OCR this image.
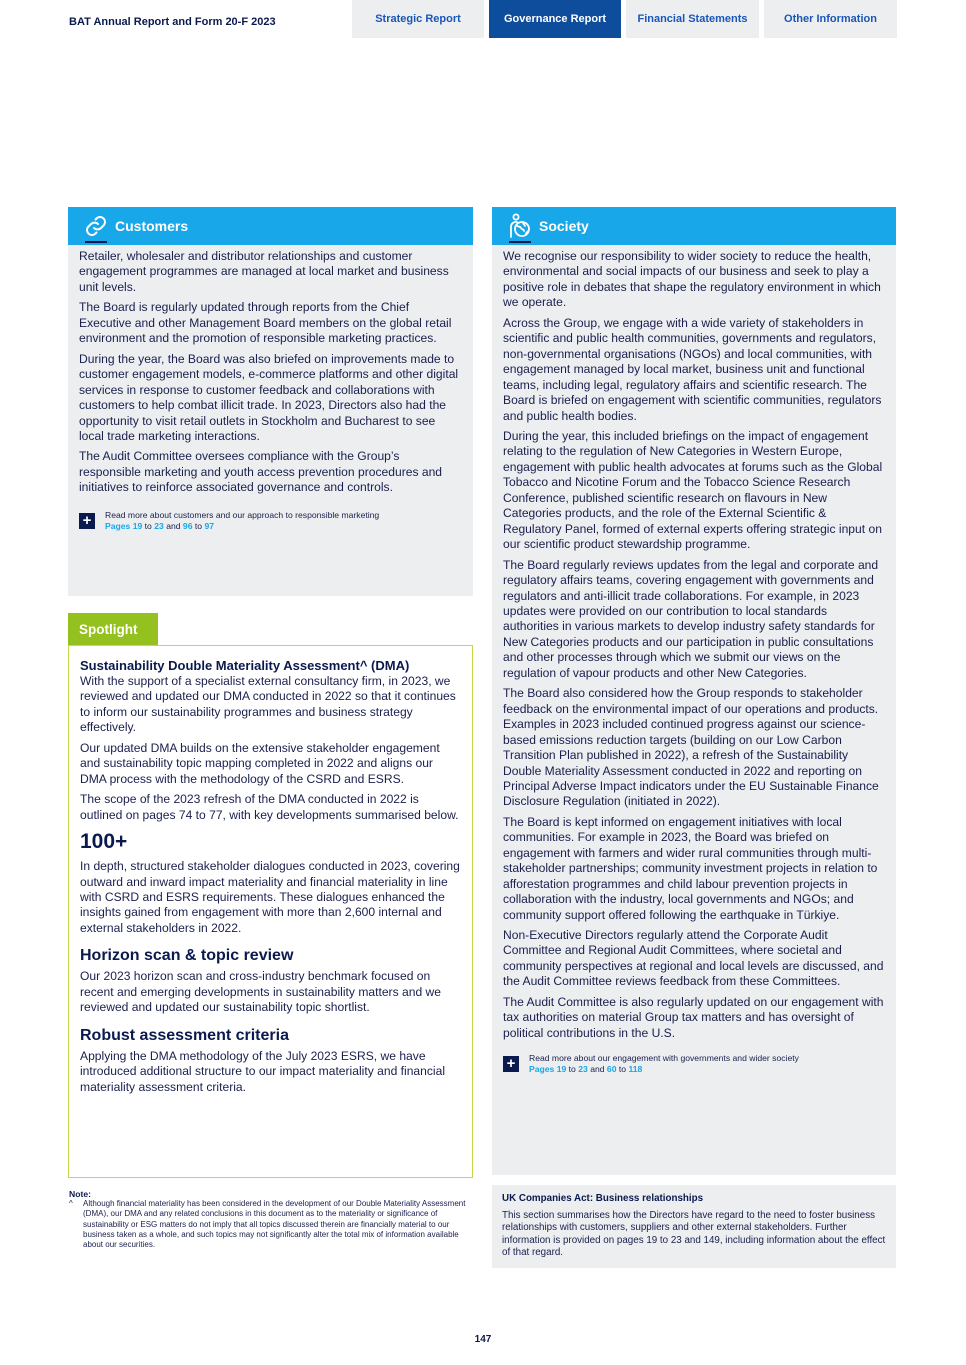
BAT Annual Report and Form 20-F 2023	Strategic Report	Governance Report	Financial Statements	Other Information
Customers

Retailer, wholesaler and distributor relationships and customer engagement programmes are managed at local market and business unit levels.

The Board is regularly updated through reports from the Chief Executive and other Management Board members on the global retail environment and the promotion of responsible marketing practices.

During the year, the Board was also briefed on improvements made to customer engagement models, e-commerce platforms and other digital services in response to customer feedback and collaborations with customers to help combat illicit trade. In 2023, Directors also had the opportunity to visit retail outlets in Stockholm and Bucharest to see local trade marketing interactions.

The Audit Committee oversees compliance with the Group’s responsible marketing and youth access prevention procedures and initiatives to reinforce associated governance and controls.

+	Read more about customers and our approach to responsible marketing
Pages 19 to 23 and 96 to 97
Spotlight
Sustainability Double Materiality Assessment^ (DMA)

With the support of a specialist external consultancy firm, in 2023, we reviewed and updated our DMA conducted in 2022 so that it continues to inform our sustainability programmes and business strategy effectively.

Our updated DMA builds on the extensive stakeholder engagement and sustainability topic mapping completed in 2022 and aligns our DMA process with the methodology of the CSRD and ESRS.

The scope of the 2023 refresh of the DMA conducted in 2022 is outlined on pages 74 to 77, with key developments summarised below.

100+

In depth, structured stakeholder dialogues conducted in 2023, covering outward and inward impact materiality and financial materiality in line with CSRD and ESRS requirements. These dialogues enhanced the insights gained from engagement with more than 2,600 internal and external stakeholders in 2022.

Horizon scan & topic review

Our 2023 horizon scan and cross-industry benchmark focused on recent and emerging developments in sustainability matters and we reviewed and updated our sustainability topic shortlist.

Robust assessment criteria

Applying the DMA methodology of the July 2023 ESRS, we have introduced additional structure to our impact materiality and financial materiality assessment criteria.

Note:
^	Although financial materiality has been considered in the development of our Double Materiality Assessment (DMA), our DMA and any related conclusions in this document as to the materiality or significance of sustainability or ESG matters do not imply that all topics discussed therein are financially material to our business taken as a whole, and such topics may not significantly alter the total mix of information available about our securities.
Society

We recognise our responsibility to wider society to reduce the health, environmental and social impacts of our business and seek to play a positive role in debates that shape the regulatory environment in which we operate.

Across the Group, we engage with a wide variety of stakeholders in scientific and public health communities, governments and regulators, non-governmental organisations (NGOs) and local communities, with engagement managed by local market, business unit and functional teams, including legal, regulatory affairs and scientific research. The Board is briefed on engagement with scientific communities, regulators and public health bodies.

During the year, this included briefings on the impact of engagement relating to the regulation of New Categories in Western Europe, engagement with public health advocates at forums such as the Global Tobacco and Nicotine Forum and the Tobacco Science Research Conference, published scientific research on flavours in New Categories products, and the role of the External Scientific & Regulatory Panel, formed of external experts offering strategic input on our scientific product stewardship programme.

The Board regularly reviews updates from the legal and corporate and regulatory affairs teams, covering engagement with governments and regulators and anti-illicit trade collaborations. For example, in 2023 updates were provided on our contribution to local standards authorities in various markets to develop industry safety standards for New Categories products and our participation in public consultations and other processes through which we submit our views on the regulation of vapour products and other New Categories.

The Board also considered how the Group responds to stakeholder feedback on the environmental impact of our operations and products. Examples in 2023 included continued progress against our science-based emissions reduction targets (building on our Low Carbon Transition Plan published in 2022), a refresh of the Sustainability Double Materiality Assessment conducted in 2022 and reporting on Principal Adverse Impact indicators under the EU Sustainable Finance Disclosure Regulation (initiated in 2022).

The Board is kept informed on engagement initiatives with local communities. For example in 2023, the Board was briefed on engagement with farmers and wider rural communities through multi-stakeholder partnerships; community investment projects in relation to afforestation programmes and child labour prevention projects in collaboration with the industry, local governments and NGOs; and community support offered following the earthquake in Türkiye.

Non-Executive Directors regularly attend the Corporate Audit Committee and Regional Audit Committees, where societal and community perspectives at regional and local levels are discussed, and the Audit Committee reviews feedback from these Committees.

The Audit Committee is also regularly updated on our engagement with tax authorities on material Group tax matters and has oversight of political contributions in the U.S.

+	Read more about our engagement with governments and wider society
Pages 19 to 23 and 60 to 118
UK Companies Act: Business relationships
This section summarises how the Directors have regard to the need to foster business relationships with customers, suppliers and other external stakeholders. Further information is provided on pages 19 to 23 and 149, including information about the effect of that regard.
147
